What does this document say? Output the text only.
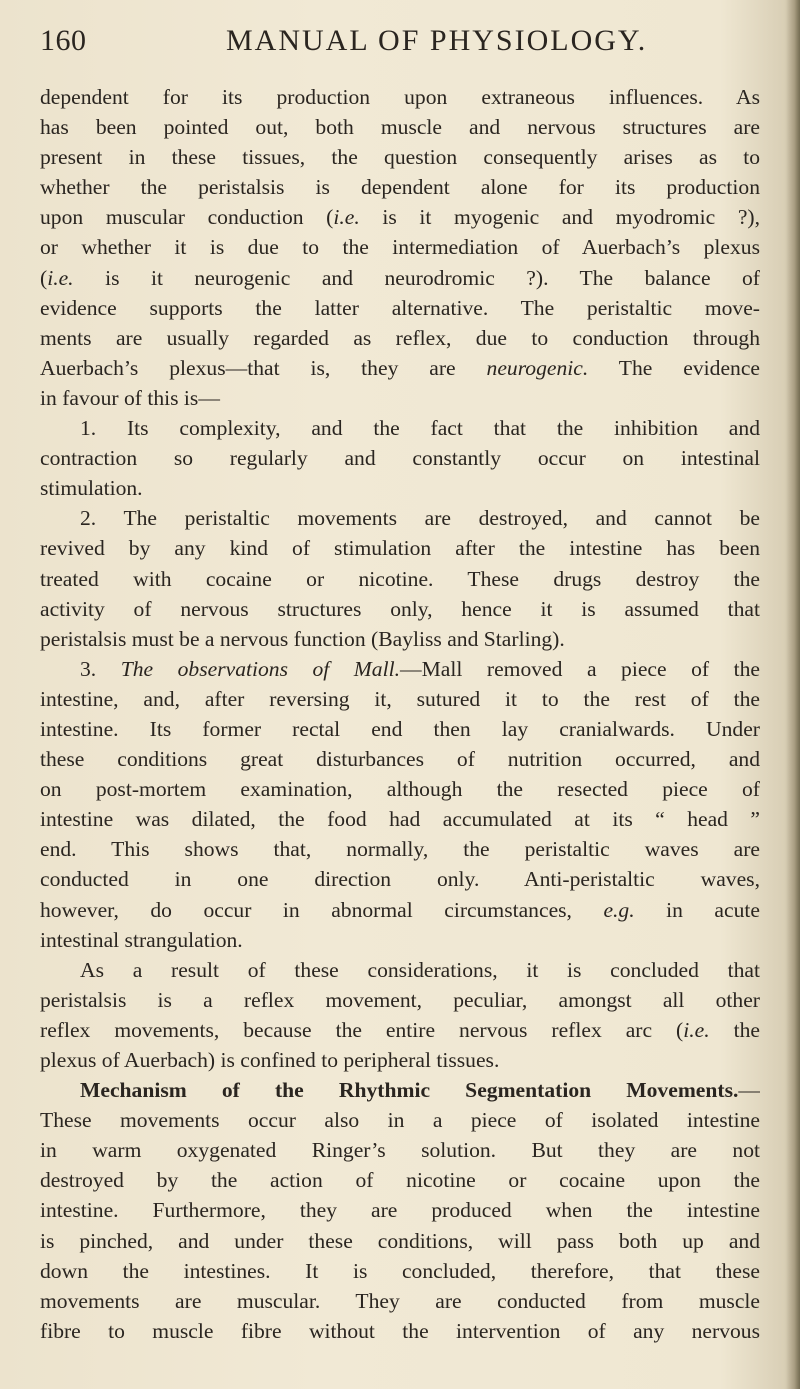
160	MANUAL OF PHYSIOLOGY.
dependent for its production upon extraneous influences. As
has been pointed out, both muscle and nervous structures are
present in these tissues, the question consequently arises as to
whether the peristalsis is dependent alone for its production
upon muscular conduction (i.e. is it myogenic and myodromic ?),
or whether it is due to the intermediation of Auerbach’s plexus
(i.e. is it neurogenic and neurodromic ?). The balance of
evidence supports the latter alternative. The peristaltic move-
ments are usually regarded as reflex, due to conduction through
Auerbach’s plexus—that is, they are neurogenic. The evidence
in favour of this is—
1. Its complexity, and the fact that the inhibition and
contraction so regularly and constantly occur on intestinal
stimulation.
2. The peristaltic movements are destroyed, and cannot be
revived by any kind of stimulation after the intestine has been
treated with cocaine or nicotine. These drugs destroy the
activity of nervous structures only, hence it is assumed that
peristalsis must be a nervous function (Bayliss and Starling).
3. The observations of Mall.—Mall removed a piece of the
intestine, and, after reversing it, sutured it to the rest of the
intestine. Its former rectal end then lay cranialwards. Under
these conditions great disturbances of nutrition occurred, and
on post-mortem examination, although the resected piece of
intestine was dilated, the food had accumulated at its “ head ”
end. This shows that, normally, the peristaltic waves are
conducted in one direction only. Anti-peristaltic waves,
however, do occur in abnormal circumstances, e.g. in acute
intestinal strangulation.
As a result of these considerations, it is concluded that
peristalsis is a reflex movement, peculiar, amongst all other
reflex movements, because the entire nervous reflex arc (i.e. the
plexus of Auerbach) is confined to peripheral tissues.
Mechanism of the Rhythmic Segmentation Movements.—
These movements occur also in a piece of isolated intestine
in warm oxygenated Ringer’s solution. But they are not
destroyed by the action of nicotine or cocaine upon the
intestine. Furthermore, they are produced when the intestine
is pinched, and under these conditions, will pass both up and
down the intestines. It is concluded, therefore, that these
movements are muscular. They are conducted from muscle
fibre to muscle fibre without the intervention of any nervous
